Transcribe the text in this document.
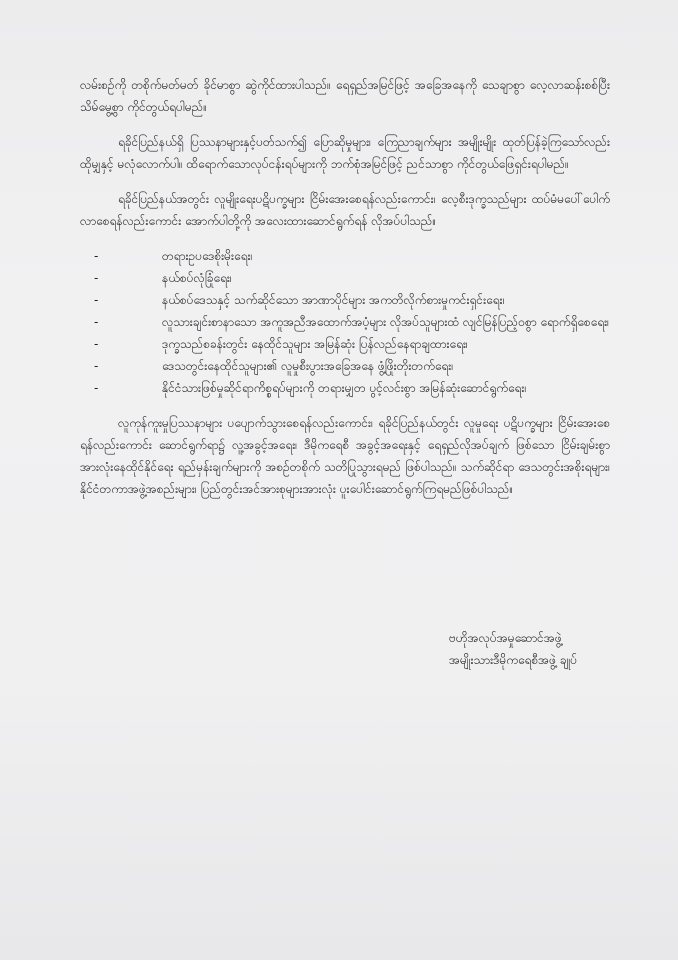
လမ်းစဉ်ကို တစိုက်မတ်မတ် ခိုင်မာစွာ ဆွဲကိုင်ထားပါသည်။ ရေရှည်အမြင်ဖြင့် အခြေအနေကို သေချာစွာ လေ့လာဆန်းစစ်ပြီး သိမ်မွေ့စွာ ကိုင်တွယ်ရပါမည်။

ရခိုင်ပြည်နယ်ရှိ ပြဿနာများနှင့်ပတ်သက်၍ ပြောဆိုမှုများ၊ ကြေညာချက်များ အမျိုးမျိုး ထုတ်ပြန်ခဲ့ကြသော်လည်း ထိုမျှနှင့် မလုံလောက်ပါ။ ထိရောက်သောလုပ်ငန်းရပ်များကို ဘက်စုံအမြင်ဖြင့် ညင်သာစွာ ကိုင်တွယ်ဖြေရှင်းရပါမည်။

ရခိုင်ပြည်နယ်အတွင်း လူမျိုးရေးပဋိပက္ခများ ငြိမ်းအေးစေရန်လည်းကောင်း၊ လေ့စီးဒုက္ခသည်များ ထပ်မံမပေါ်ပေါက်လာစေရန်လည်းကောင်း အောက်ပါတို့ကို အလေးထားဆောင်ရွက်ရန် လိုအပ်ပါသည်။

-	တရားဥပဒေစိုးမိုးရေး၊
-	နယ်စပ်လုံခြုံရေး၊
-	နယ်စပ်ဒေသနှင့် သက်ဆိုင်သော အာဏာပိုင်များ အကတိလိုက်စားမှုကင်းရှင်းရေး၊
-	လူသားချင်းစာနာသော အကူအညီအထောက်အပံ့များ လိုအပ်သူများထံ လျင်မြန်ပြည့်ဝစွာ ရောက်ရှိစေရေး၊
-	ဒုက္ခသည်စခန်းတွင်း နေထိုင်သူများ အမြန်ဆုံး ပြန်လည်နေရာချထားရေး၊
-	ဒေသတွင်းနေထိုင်သူများ၏ လူမှုစီးပွားအခြေအနေ ဖွံ့ဖြိုးတိုးတက်ရေး၊
-	နိုင်ငံသားဖြစ်မှုဆိုင်ရာကိစ္စရပ်များကို တရားမျှတ ပွင့်လင်းစွာ အမြန်ဆုံးဆောင်ရွက်ရေး၊

လူကုန်ကူးမှုပြဿနာများ ပပျောက်သွားစေရန်လည်းကောင်း၊ ရခိုင်ပြည်နယ်တွင်း လူမှုရေး ပဋိပက္ခများ ငြိမ်းအေးစေရန်လည်းကောင်း ဆောင်ရွက်ရာ၌ လူ့အခွင့်အရေး၊ ဒီမိုကရေစီ အခွင့်အရေးနှင့် ရေရှည်လိုအပ်ချက် ဖြစ်သော ငြိမ်းချမ်းစွာ အားလုံးနေထိုင်နိုင်ရေး ရည်မှန်းချက်များကို အစဉ်တစိုက် သတိပြုသွားရမည် ဖြစ်ပါသည်။ သက်ဆိုင်ရာ ဒေသတွင်းအစိုးရများ၊ နိုင်ငံတကာအဖွဲ့အစည်းများ၊ ပြည်တွင်းအင်အားစုများအားလုံး ပူးပေါင်းဆောင်ရွက်ကြရမည်ဖြစ်ပါသည်။

ဗဟိုအလုပ်အမှုဆောင်အဖွဲ့
အမျိုးသားဒီမိုကရေစီအဖွဲ့ ချုပ်
